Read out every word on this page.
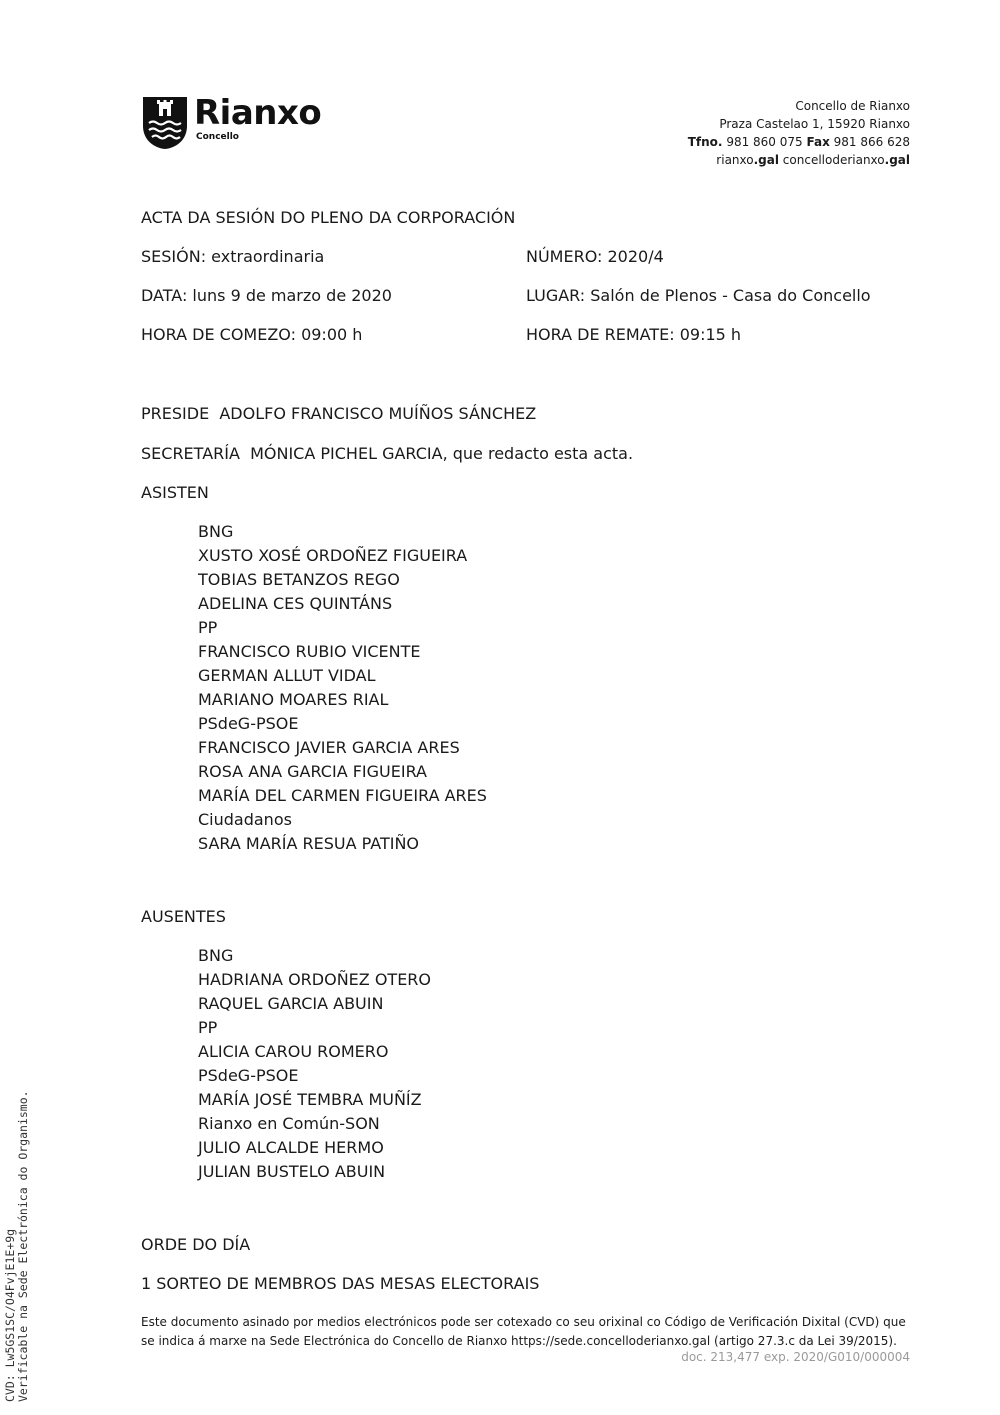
Rianxo
Concello
Concello de Rianxo
Praza Castelao 1, 15920 Rianxo
Tfno. 981 860 075 Fax 981 866 628
rianxo.gal concelloderianxo.gal
ACTA DA SESIÓN DO PLENO DA CORPORACIÓN
SESIÓN: extraordinaria	NÚMERO: 2020/4
DATA: luns 9 de marzo de 2020	LUGAR: Salón de Plenos - Casa do Concello
HORA DE COMEZO: 09:00 h	HORA DE REMATE: 09:15 h
PRESIDE  ADOLFO FRANCISCO MUÍÑOS SÁNCHEZ
SECRETARÍA  MÓNICA PICHEL GARCIA, que redacto esta acta.
ASISTEN
BNG
XUSTO XOSÉ ORDOÑEZ FIGUEIRA
TOBIAS BETANZOS REGO
ADELINA CES QUINTÁNS
PP
FRANCISCO RUBIO VICENTE
GERMAN ALLUT VIDAL
MARIANO MOARES RIAL
PSdeG-PSOE
FRANCISCO JAVIER GARCIA ARES
ROSA ANA GARCIA FIGUEIRA
MARÍA DEL CARMEN FIGUEIRA ARES
Ciudadanos
SARA MARÍA RESUA PATIÑO
AUSENTES
BNG
HADRIANA ORDOÑEZ OTERO
RAQUEL GARCIA ABUIN
PP
ALICIA CAROU ROMERO
PSdeG-PSOE
MARÍA JOSÉ TEMBRA MUÑÍZ
Rianxo en Común-SON
JULIO ALCALDE HERMO
JULIAN BUSTELO ABUIN
ORDE DO DÍA
1 SORTEO DE MEMBROS DAS MESAS ELECTORAIS
Este documento asinado por medios electrónicos pode ser cotexado co seu orixinal co Código de Verificación Dixital (CVD) que se indica á marxe na Sede Electrónica do Concello de Rianxo https://sede.concelloderianxo.gal (artigo 27.3.c da Lei 39/2015).
doc. 213,477 exp. 2020/G010/000004
CVD: Lw5GS1SC/O4FvjE1E+9g Verificable na Sede Electrónica do Organismo.
